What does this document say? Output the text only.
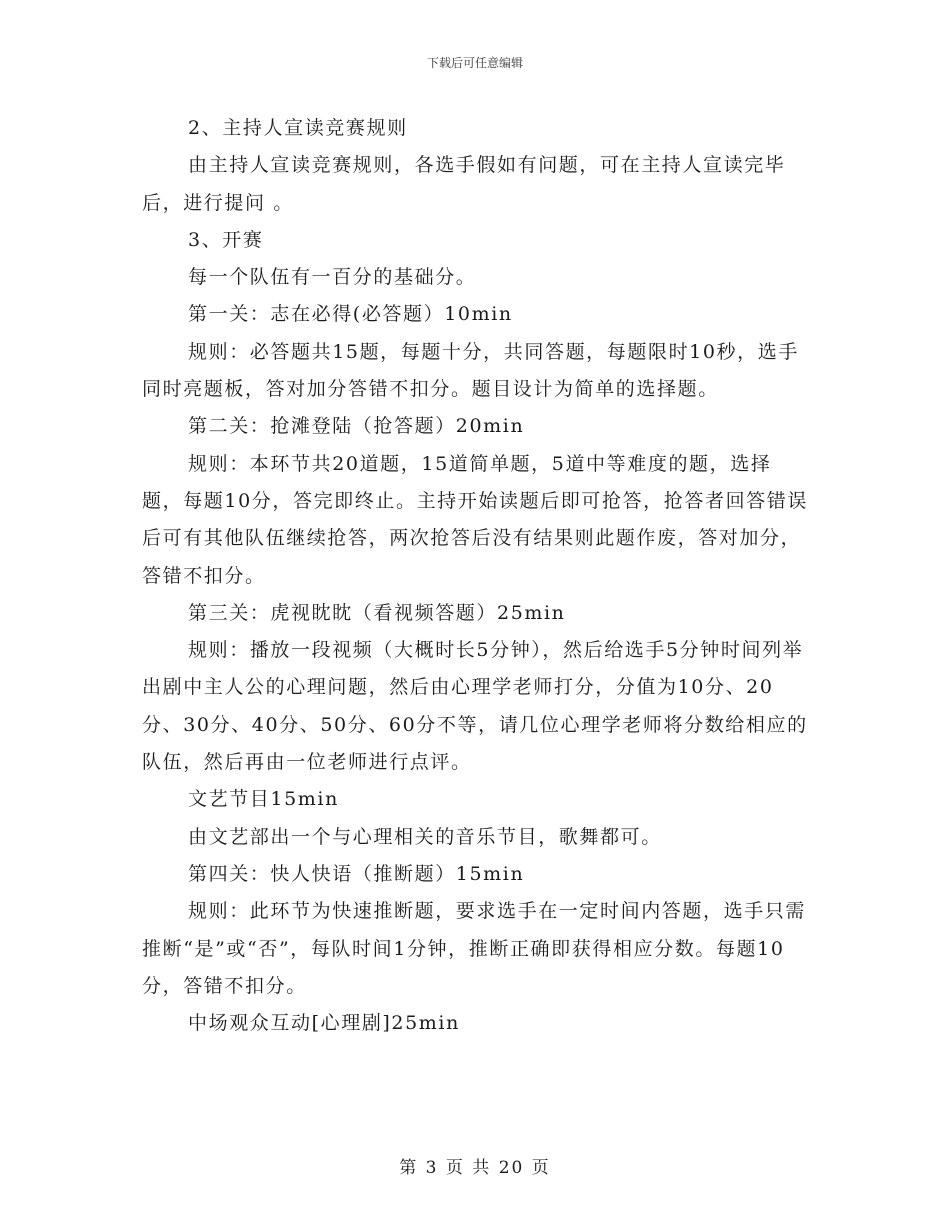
下载后可任意编辑

2、主持人宣读竞赛规则

由主持人宣读竞赛规则，各选手假如有问题，可在主持人宣读完毕后，进行提问 。

3、开赛

每一个队伍有一百分的基础分。

第一关：志在必得(必答题）10min

规则：必答题共15题，每题十分，共同答题，每题限时10秒，选手同时亮题板，答对加分答错不扣分。题目设计为简单的选择题。

第二关：抢滩登陆（抢答题）20min

规则：本环节共20道题，15道简单题，5道中等难度的题，选择题，每题10分，答完即终止。主持开始读题后即可抢答，抢答者回答错误后可有其他队伍继续抢答，两次抢答后没有结果则此题作废，答对加分，答错不扣分。

第三关：虎视眈眈（看视频答题）25min

规则：播放一段视频（大概时长5分钟），然后给选手5分钟时间列举出剧中主人公的心理问题，然后由心理学老师打分，分值为10分、20分、30分、40分、50分、60分不等，请几位心理学老师将分数给相应的队伍，然后再由一位老师进行点评。

文艺节目15min

由文艺部出一个与心理相关的音乐节目，歌舞都可。

第四关：快人快语（推断题）15min

规则：此环节为快速推断题，要求选手在一定时间内答题，选手只需推断“是”或“否”，每队时间1分钟，推断正确即获得相应分数。每题10分，答错不扣分。

中场观众互动[心理剧]25min

第 3 页 共 20 页
